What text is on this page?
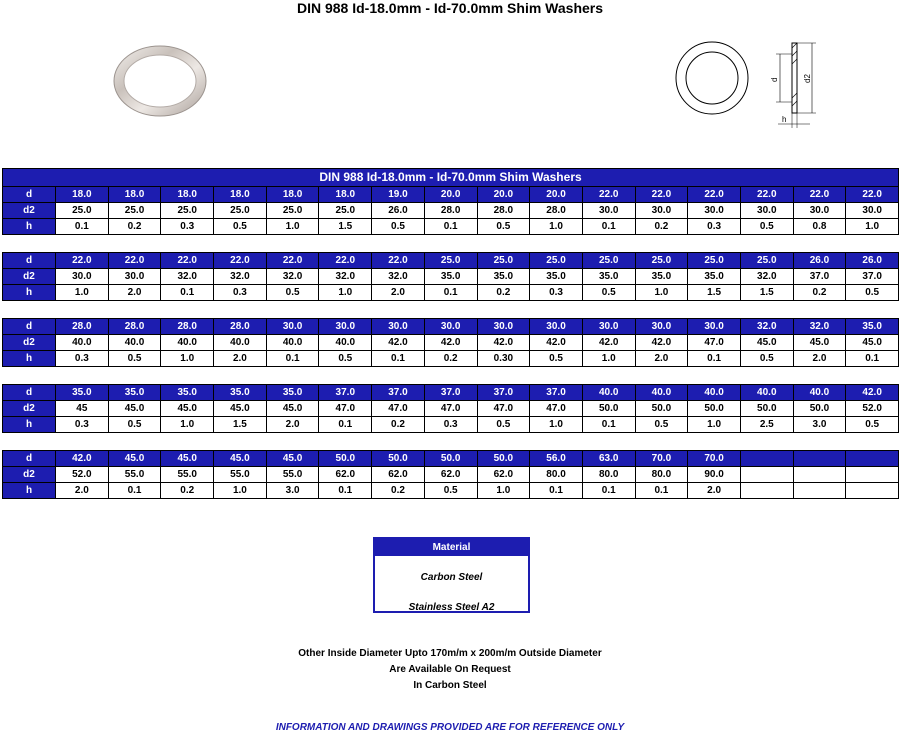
DIN 988 Id-18.0mm - Id-70.0mm Shim Washers
d	d2
h
DIN 988 Id-18.0mm - Id-70.0mm Shim Washers																
d	18.0	18.0	18.0	18.0	18.0	18.0	19.0	20.0	20.0	20.0	22.0	22.0	22.0	22.0	22.0	22.0
d2	25.0	25.0	25.0	25.0	25.0	25.0	26.0	28.0	28.0	28.0	30.0	30.0	30.0	30.0	30.0	30.0
h	0.1	0.2	0.3	0.5	1.0	1.5	0.5	0.1	0.5	1.0	0.1	0.2	0.3	0.5	0.8	1.0
d	22.0	22.0	22.0	22.0	22.0	22.0	22.0	25.0	25.0	25.0	25.0	25.0	25.0	25.0	26.0	26.0
d2	30.0	30.0	32.0	32.0	32.0	32.0	32.0	35.0	35.0	35.0	35.0	35.0	35.0	32.0	37.0	37.0
h	1.0	2.0	0.1	0.3	0.5	1.0	2.0	0.1	0.2	0.3	0.5	1.0	1.5	1.5	0.2	0.5
d	28.0	28.0	28.0	28.0	30.0	30.0	30.0	30.0	30.0	30.0	30.0	30.0	30.0	32.0	32.0	35.0
d2	40.0	40.0	40.0	40.0	40.0	40.0	42.0	42.0	42.0	42.0	42.0	42.0	47.0	45.0	45.0	45.0
h	0.3	0.5	1.0	2.0	0.1	0.5	0.1	0.2	0.30	0.5	1.0	2.0	0.1	0.5	2.0	0.1
d	35.0	35.0	35.0	35.0	35.0	37.0	37.0	37.0	37.0	37.0	40.0	40.0	40.0	40.0	40.0	42.0
d2	45	45.0	45.0	45.0	45.0	47.0	47.0	47.0	47.0	47.0	50.0	50.0	50.0	50.0	50.0	52.0
h	0.3	0.5	1.0	1.5	2.0	0.1	0.2	0.3	0.5	1.0	0.1	0.5	1.0	2.5	3.0	0.5
d	42.0	45.0	45.0	45.0	45.0	50.0	50.0	50.0	50.0	56.0	63.0	70.0	70.0			
d2	52.0	55.0	55.0	55.0	55.0	62.0	62.0	62.0	62.0	80.0	80.0	80.0	90.0			
h	2.0	0.1	0.2	1.0	3.0	0.1	0.2	0.5	1.0	0.1	0.1	0.1	2.0			
Material
Carbon Steel
Stainless Steel A2
Other Inside Diameter Upto 170m/m x 200m/m Outside Diameter
Are Available On Request
In Carbon Steel
INFORMATION AND DRAWINGS PROVIDED ARE FOR REFERENCE ONLY
